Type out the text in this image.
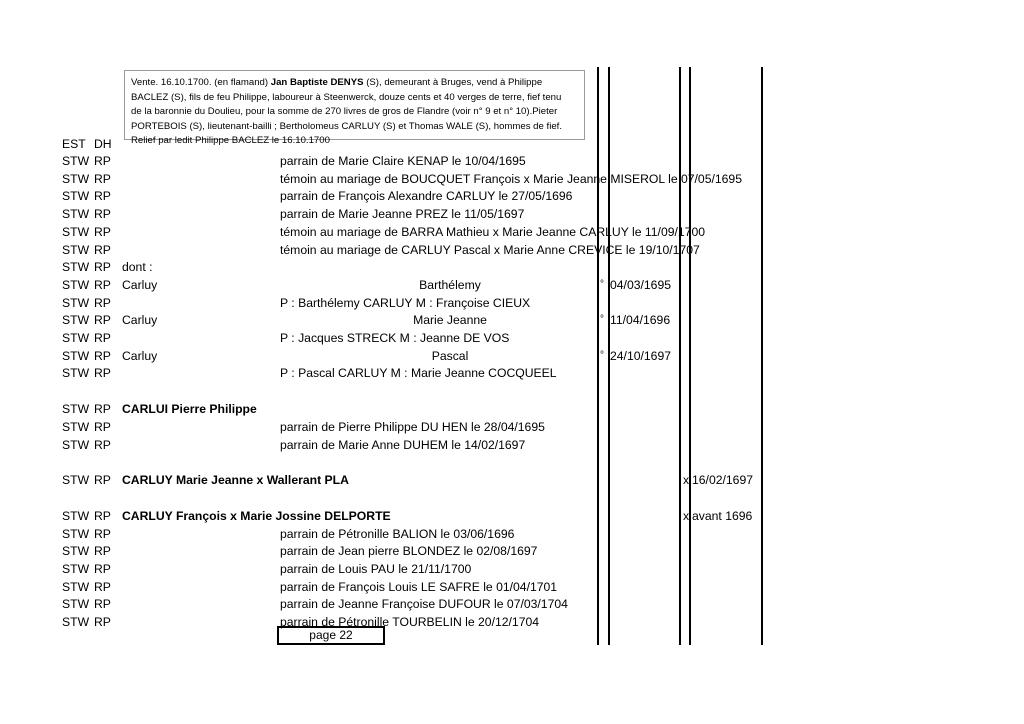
Vente. 16.10.1700. (en flamand) Jan Baptiste DENYS (S), demeurant à Bruges, vend à Philippe
BACLEZ (S), fils de feu Philippe, laboureur à Steenwerck, douze cents et 40 verges de terre, fief tenu
de la baronnie du Doulieu, pour la somme de 270 livres de gros de Flandre (voir n° 9 et n° 10).Pieter
PORTEBOIS (S), lieutenant-bailli ; Bertholomeus CARLUY (S) et Thomas WALE (S), hommes de fief.
Relief par ledit Philippe BACLEZ le 16.10.1700
EST DH
STW RP	parrain de Marie Claire KENAP le 10/04/1695
STW RP	témoin au mariage de BOUCQUET François x Marie Jeanne MISEROL le 07/05/1695
STW RP	parrain de François Alexandre CARLUY le 27/05/1696
STW RP	parrain de Marie Jeanne PREZ le 11/05/1697
STW RP	témoin au mariage de BARRA Mathieu x Marie Jeanne CARLUY le 11/09/1700
STW RP	témoin au mariage de CARLUY Pascal x Marie Anne CREVICE le 19/10/1707
STW RP dont :
STW RP Carluy	Barthélemy	° 04/03/1695
STW RP	P : Barthélemy CARLUY M : Françoise CIEUX
STW RP Carluy	Marie Jeanne	° 11/04/1696
STW RP	P : Jacques STRECK M : Jeanne DE VOS
STW RP Carluy	Pascal	° 24/10/1697
STW RP	P : Pascal CARLUY M : Marie Jeanne COCQUEEL
STW RP CARLUI Pierre Philippe
STW RP	parrain de Pierre Philippe DU HEN le 28/04/1695
STW RP	parrain de Marie Anne DUHEM le 14/02/1697
STW RP CARLUY Marie Jeanne x Wallerant PLA	x 16/02/1697
STW RP CARLUY François x Marie Jossine DELPORTE	x avant 1696
STW RP	parrain de Pétronille BALION le 03/06/1696
STW RP	parrain de Jean pierre BLONDEZ le 02/08/1697
STW RP	parrain de Louis PAU le 21/11/1700
STW RP	parrain de François Louis LE SAFRE le 01/04/1701
STW RP	parrain de Jeanne Françoise DUFOUR le 07/03/1704
STW RP	parrain de Pétronille TOURBELIN le 20/12/1704
page 22
